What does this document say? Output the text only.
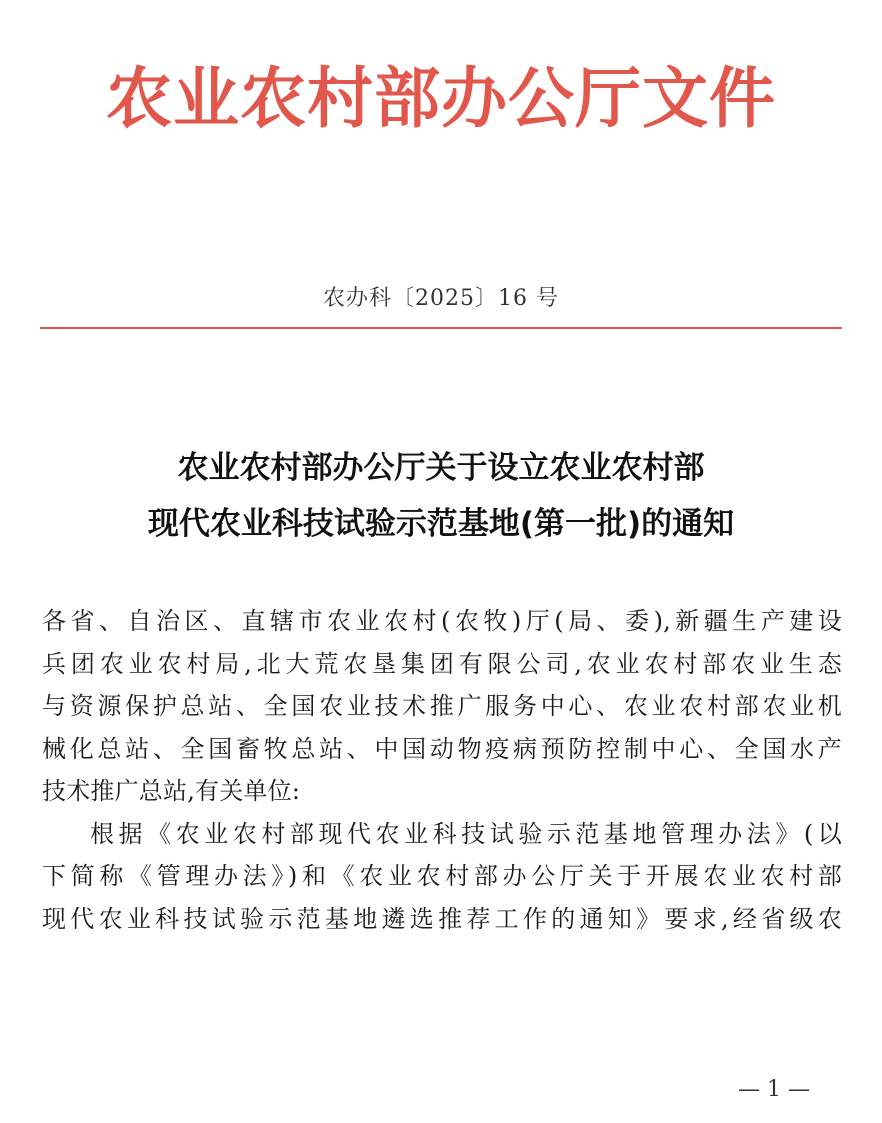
农业农村部办公厅文件
农办科〔2025〕16 号
农业农村部办公厅关于设立农业农村部
现代农业科技试验示范基地(第一批)的通知
各省、自治区、直辖市农业农村(农牧)厅(局、委),新疆生产建设
兵团农业农村局,北大荒农垦集团有限公司,农业农村部农业生态
与资源保护总站、全国农业技术推广服务中心、农业农村部农业机
械化总站、全国畜牧总站、中国动物疫病预防控制中心、全国水产
技术推广总站,有关单位:
根据《农业农村部现代农业科技试验示范基地管理办法》(以
下简称《管理办法》)和《农业农村部办公厅关于开展农业农村部
现代农业科技试验示范基地遴选推荐工作的通知》要求,经省级农
— 1 —
